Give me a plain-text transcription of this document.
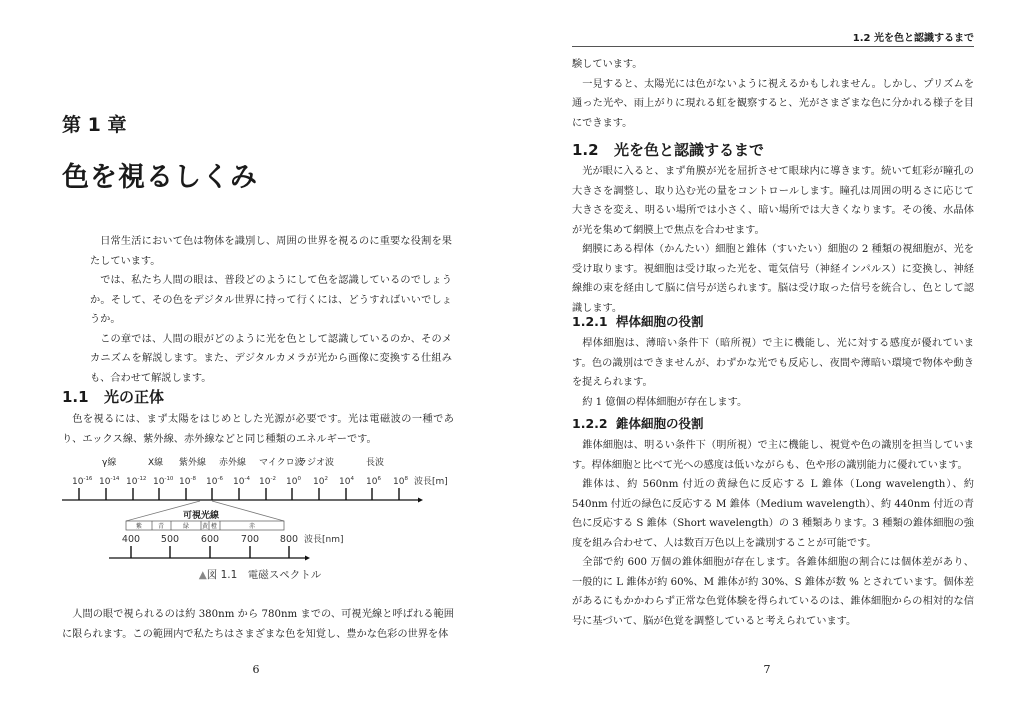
第 1 章
色を視るしくみ

日常生活において色は物体を識別し、周囲の世界を視るのに重要な役割を果たしています。

では、私たち人間の眼は、普段どのようにして色を認識しているのでしょうか。そして、その色をデジタル世界に持って行くには、どうすればいいでしょうか。

この章では、人間の眼がどのように光を色として認識しているのか、そのメカニズムを解説します。また、デジタルカメラが光から画像に変換する仕組みも、合わせて解説します。

1.1 光の正体

色を視るには、まず太陽をはじめとした光源が必要です。光は電磁波の一種であり、エックス線、紫外線、赤外線などと同じ種類のエネルギーです。

γ線	X線 紫外線 赤外線 マイクロ波
ラジオ波	長波
$10^{-16}$ $10^{-14}$ $10^{-12}$ $10^{-10}$ $10^{-8}$ $10^{-6}$ $10^{-4}$ $10^{-2}$ $10^0$ $10^2$ $10^4$ $10^6$ $10^8$ 波長[m]
可視光線
紫	青	緑 黄 橙	赤
400 500 600 700 800 波長[nm]
▲図 1.1　電磁スペクトル

人間の眼で視られるのは約 380nm から 780nm までの、可視光線と呼ばれる範囲に限られます。この範囲内で私たちはさまざまな色を知覚し、豊かな色彩の世界を体

6
1.2 光を色と認識するまで

験しています。

一見すると、太陽光には色がないように視えるかもしれません。しかし、プリズムを通った光や、雨上がりに現れる虹を観察すると、光がさまざまな色に分かれる様子を目にできます。

1.2 光を色と認識するまで

光が眼に入ると、まず角膜が光を屈折させて眼球内に導きます。続いて虹彩が瞳孔の大きさを調整し、取り込む光の量をコントロールします。瞳孔は周囲の明るさに応じて大きさを変え、明るい場所では小さく、暗い場所では大きくなります。その後、水晶体が光を集めて網膜上で焦点を合わせます。

網膜にある桿体（かんたい）細胞と錐体（すいたい）細胞の 2 種類の視細胞が、光を受け取ります。視細胞は受け取った光を、電気信号（神経インパルス）に変換し、神経線維の束を経由して脳に信号が送られます。脳は受け取った信号を統合し、色として認識します。

1.2.1 桿体細胞の役割

桿体細胞は、薄暗い条件下（暗所視）で主に機能し、光に対する感度が優れています。色の識別はできませんが、わずかな光でも反応し、夜間や薄暗い環境で物体や動きを捉えられます。

約 1 億個の桿体細胞が存在します。

1.2.2 錐体細胞の役割

錐体細胞は、明るい条件下（明所視）で主に機能し、視覚や色の識別を担当しています。桿体細胞と比べて光への感度は低いながらも、色や形の識別能力に優れています。

錐体は、約 560nm 付近の黄緑色に反応する L 錐体（Long wavelength）、約 540nm 付近の緑色に反応する M 錐体（Medium wavelength）、約 440nm 付近の青色に反応する S 錐体（Short wavelength）の 3 種類あります。3 種類の錐体細胞の強度を組み合わせて、人は数百万色以上を識別することが可能です。

全部で約 600 万個の錐体細胞が存在します。各錐体細胞の割合には個体差があり、一般的に L 錐体が約 60%、M 錐体が約 30%、S 錐体が数 % とされています。個体差があるにもかかわらず正常な色覚体験を得られているのは、錐体細胞からの相対的な信号に基づいて、脳が色覚を調整していると考えられています。

7
